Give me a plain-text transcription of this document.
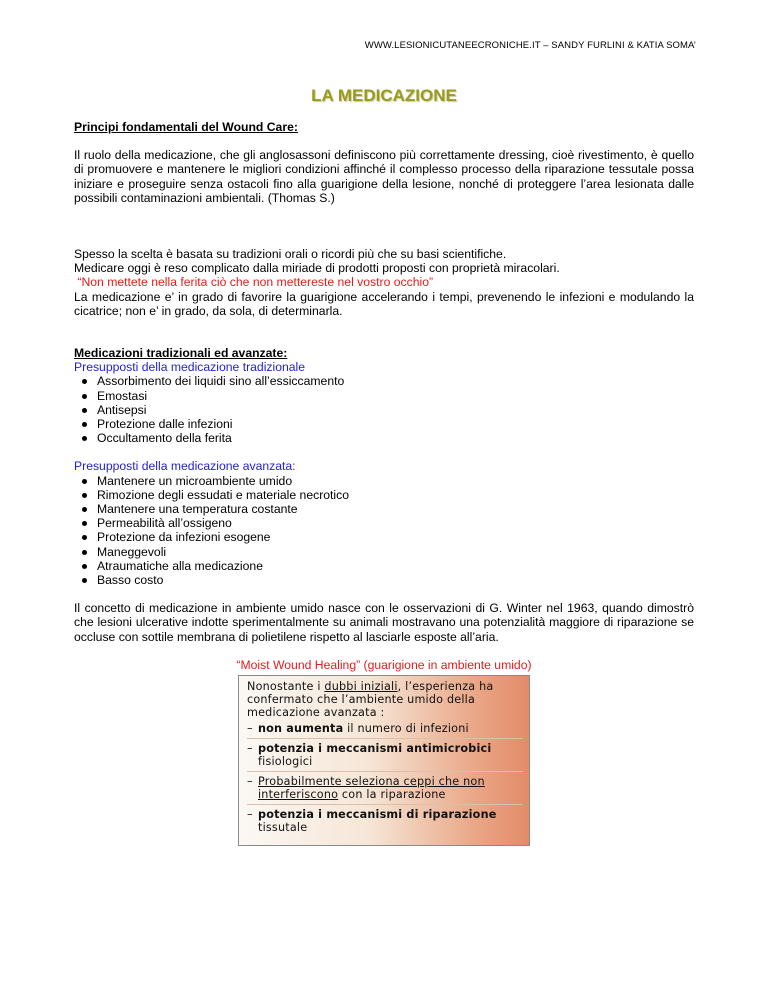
WWW.LESIONICUTANEECRONICHE.IT – SANDY FURLINI & KATIA SOMA’
LA MEDICAZIONE

Principi fondamentali del Wound Care:

Il ruolo della medicazione, che gli anglosassoni definiscono più correttamente dressing, cioè rivestimento, è quello di promuovere e mantenere le migliori condizioni affinché il complesso processo della riparazione tessutale possa iniziare e proseguire senza ostacoli fino alla guarigione della lesione, nonché di proteggere l’area lesionata dalle possibili contaminazioni ambientali. (Thomas S.)

Spesso la scelta è basata su tradizioni orali o ricordi più che su basi scientifiche.

Medicare oggi è reso complicato dalla miriade di prodotti proposti con proprietà miracolari.

“Non mettete nella ferita ciò che non mettereste nel vostro occhio”

La medicazione e’ in grado di favorire la guarigione accelerando i tempi, prevenendo le infezioni e modulando la cicatrice; non e’ in grado, da sola, di determinarla.

Medicazioni tradizionali ed avanzate:

Presupposti della medicazione tradizionale

Assorbimento dei liquidi sino all’essiccamento
Emostasi
Antisepsi
Protezione dalle infezioni
Occultamento della ferita

Presupposti della medicazione avanzata:

Mantenere un microambiente umido
Rimozione degli essudati e materiale necrotico
Mantenere una temperatura costante
Permeabilità all’ossigeno
Protezione da infezioni esogene
Maneggevoli
Atraumatiche alla medicazione
Basso costo

Il concetto di medicazione in ambiente umido nasce con le osservazioni di G. Winter nel 1963, quando dimostrò che lesioni ulcerative indotte sperimentalmente su animali mostravano una potenzialità maggiore di riparazione se occluse con sottile membrana di polietilene rispetto al lasciarle esposte all’aria.

“Moist Wound Healing” (guarigione in ambiente umido)

Nonostante i dubbi iniziali, l’esperienza ha confermato che l’ambiente umido della medicazione avanzata :
– non aumenta il numero di infezioni
– potenzia i meccanismi antimicrobici fisiologici
– Probabilmente seleziona ceppi che non interferiscono con la riparazione
– potenzia i meccanismi di riparazione tissutale
